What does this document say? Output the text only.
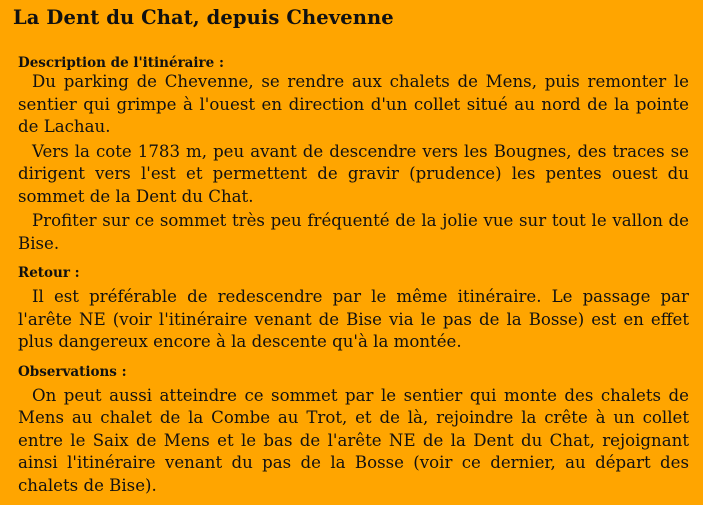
La Dent du Chat, depuis Chevenne
Description de l'itinéraire :

Du parking de Chevenne, se rendre aux chalets de Mens, puis remonter le sentier qui grimpe à l'ouest en direction d'un collet situé au nord de la pointe de Lachau.

Vers la cote 1783 m, peu avant de descendre vers les Bougnes, des traces se dirigent vers l'est et permettent de gravir (prudence) les pentes ouest du sommet de la Dent du Chat.

Profiter sur ce sommet très peu fréquenté de la jolie vue sur tout le vallon de Bise.

Retour :

Il est préférable de redescendre par le même itinéraire. Le passage par l'arête NE (voir l'itinéraire venant de Bise via le pas de la Bosse) est en effet plus dangereux encore à la descente qu'à la montée.

Observations :

On peut aussi atteindre ce sommet par le sentier qui monte des chalets de Mens au chalet de la Combe au Trot, et de là, rejoindre la crête à un collet entre le Saix de Mens et le bas de l'arête NE de la Dent du Chat, rejoignant ainsi l'itinéraire venant du pas de la Bosse (voir ce dernier, au départ des chalets de Bise).
